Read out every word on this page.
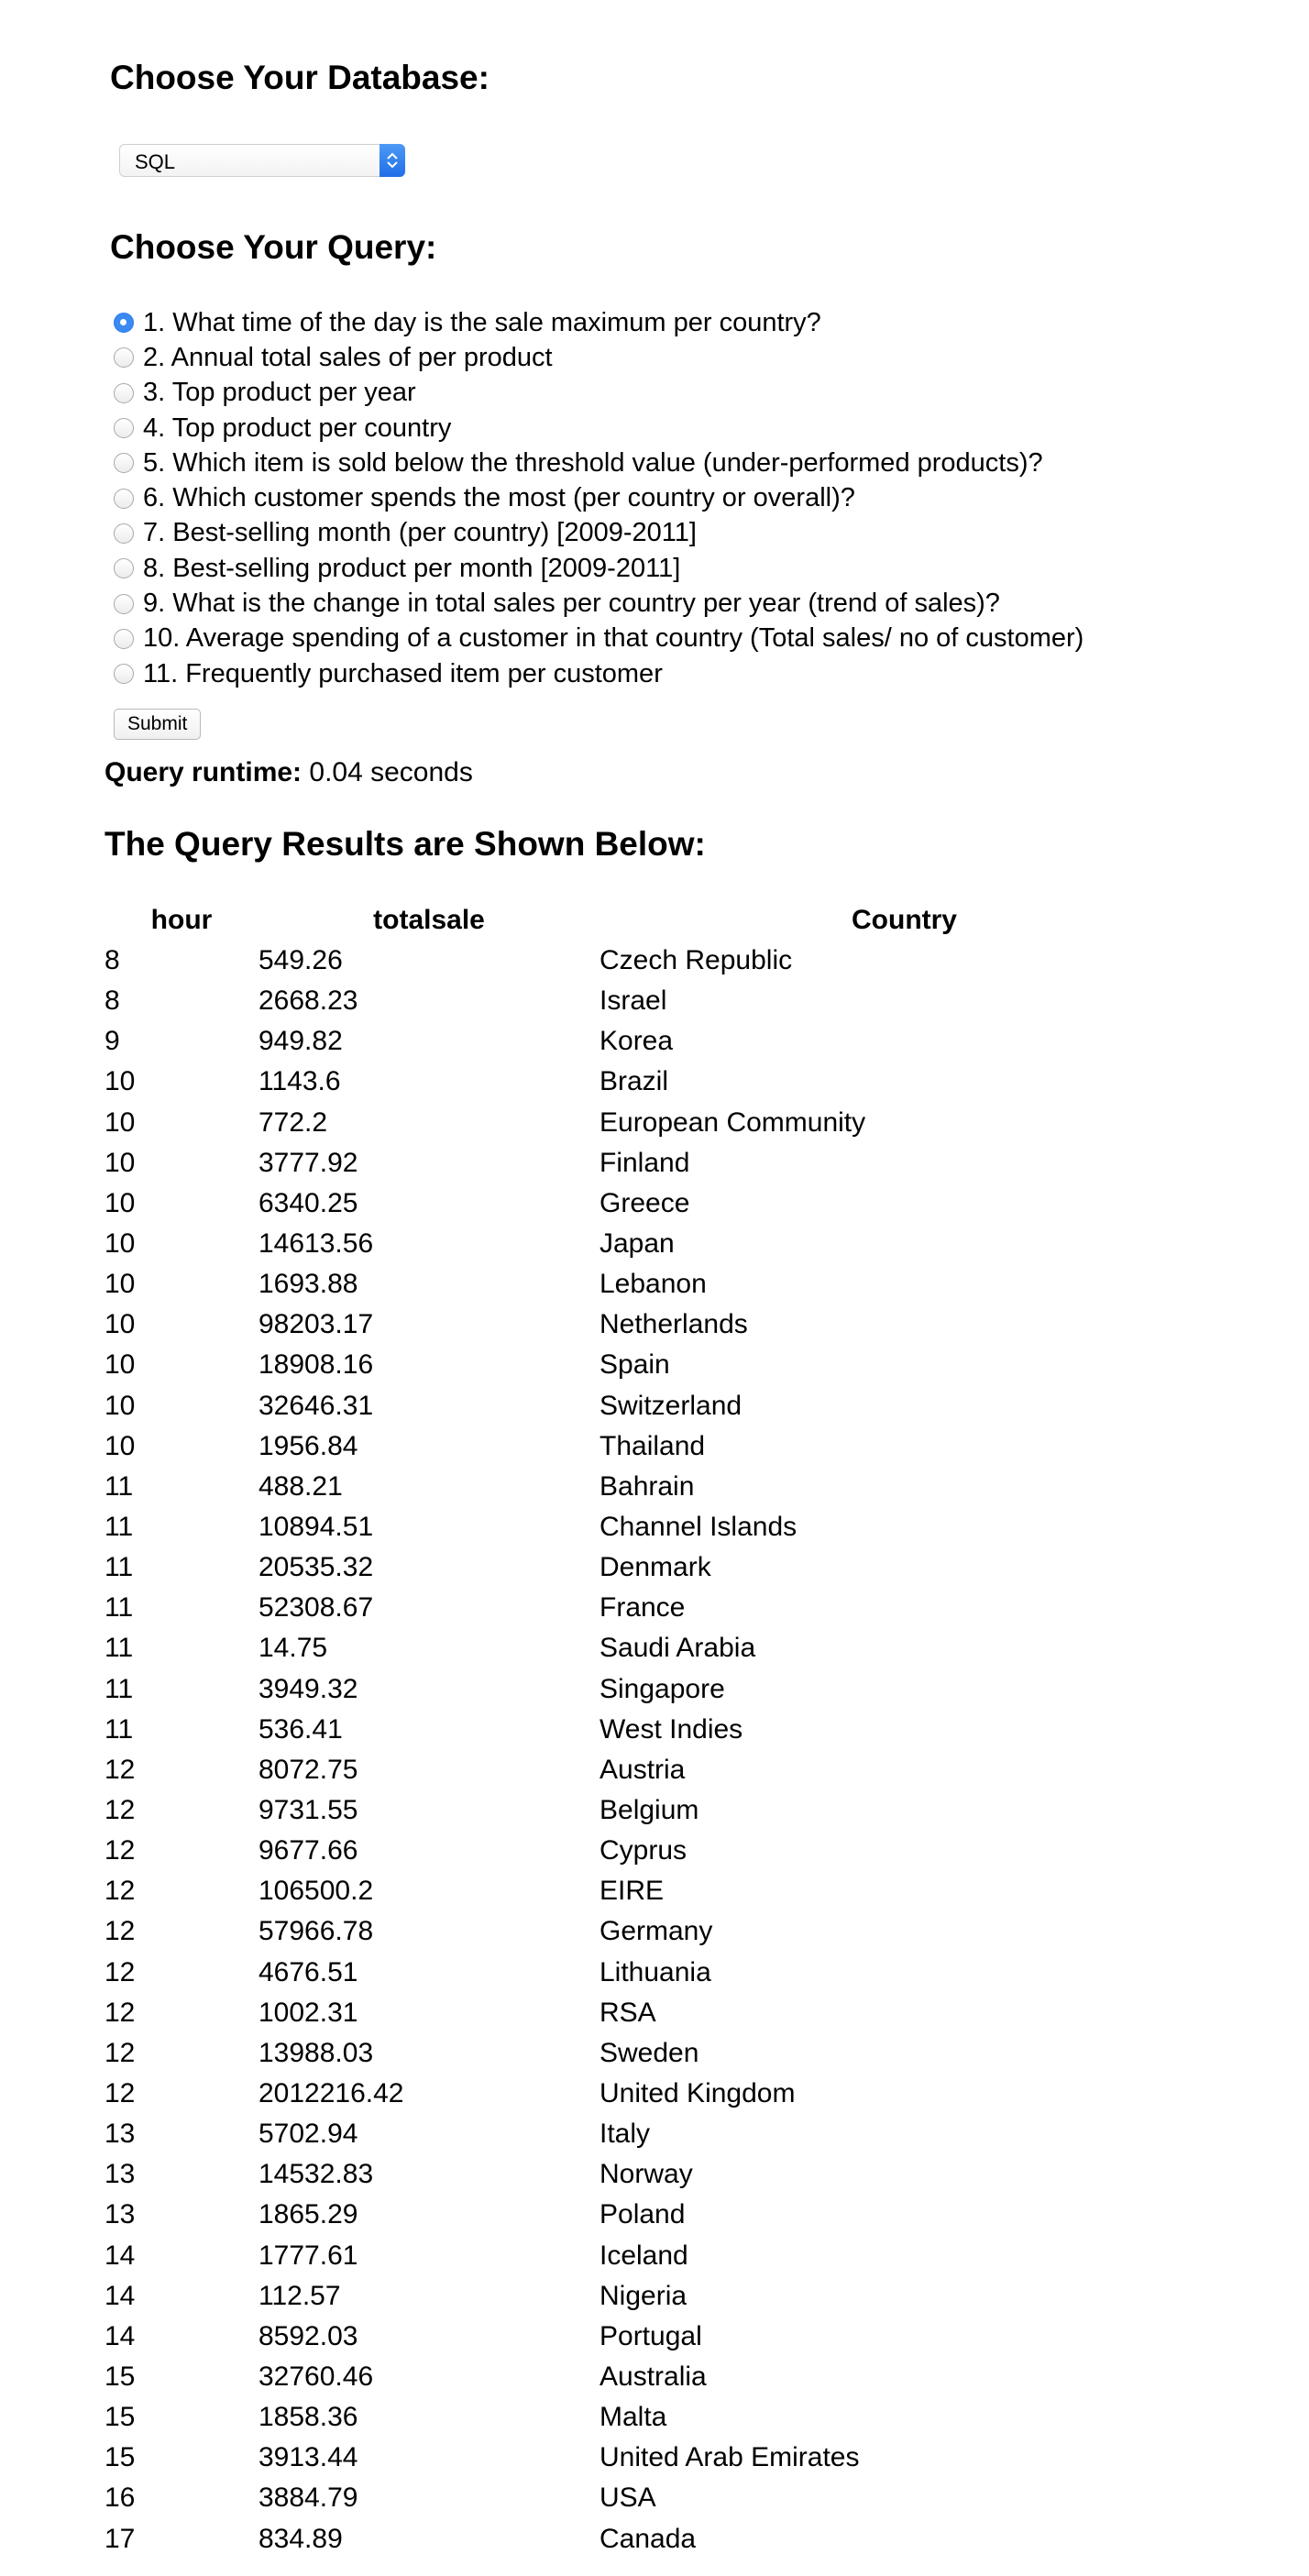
Choose Your Database:
SQL
Choose Your Query:
1. What time of the day is the sale maximum per country?
2. Annual total sales of per product
3. Top product per year
4. Top product per country
5. Which item is sold below the threshold value (under-performed products)?
6. Which customer spends the most (per country or overall)?
7. Best-selling month (per country) [2009-2011]
8. Best-selling product per month [2009-2011]
9. What is the change in total sales per country per year (trend of sales)?
10. Average spending of a customer in that country (Total sales/ no of customer)
11. Frequently purchased item per customer
Submit
Query runtime: 0.04 seconds
The Query Results are Shown Below:
hour	totalsale	Country
8	549.26	Czech Republic
8	2668.23	Israel
9	949.82	Korea
10	1143.6	Brazil
10	772.2	European Community
10	3777.92	Finland
10	6340.25	Greece
10	14613.56	Japan
10	1693.88	Lebanon
10	98203.17	Netherlands
10	18908.16	Spain
10	32646.31	Switzerland
10	1956.84	Thailand
11	488.21	Bahrain
11	10894.51	Channel Islands
11	20535.32	Denmark
11	52308.67	France
11	14.75	Saudi Arabia
11	3949.32	Singapore
11	536.41	West Indies
12	8072.75	Austria
12	9731.55	Belgium
12	9677.66	Cyprus
12	106500.2	EIRE
12	57966.78	Germany
12	4676.51	Lithuania
12	1002.31	RSA
12	13988.03	Sweden
12	2012216.42	United Kingdom
13	5702.94	Italy
13	14532.83	Norway
13	1865.29	Poland
14	1777.61	Iceland
14	112.57	Nigeria
14	8592.03	Portugal
15	32760.46	Australia
15	1858.36	Malta
15	3913.44	United Arab Emirates
16	3884.79	USA
17	834.89	Canada
